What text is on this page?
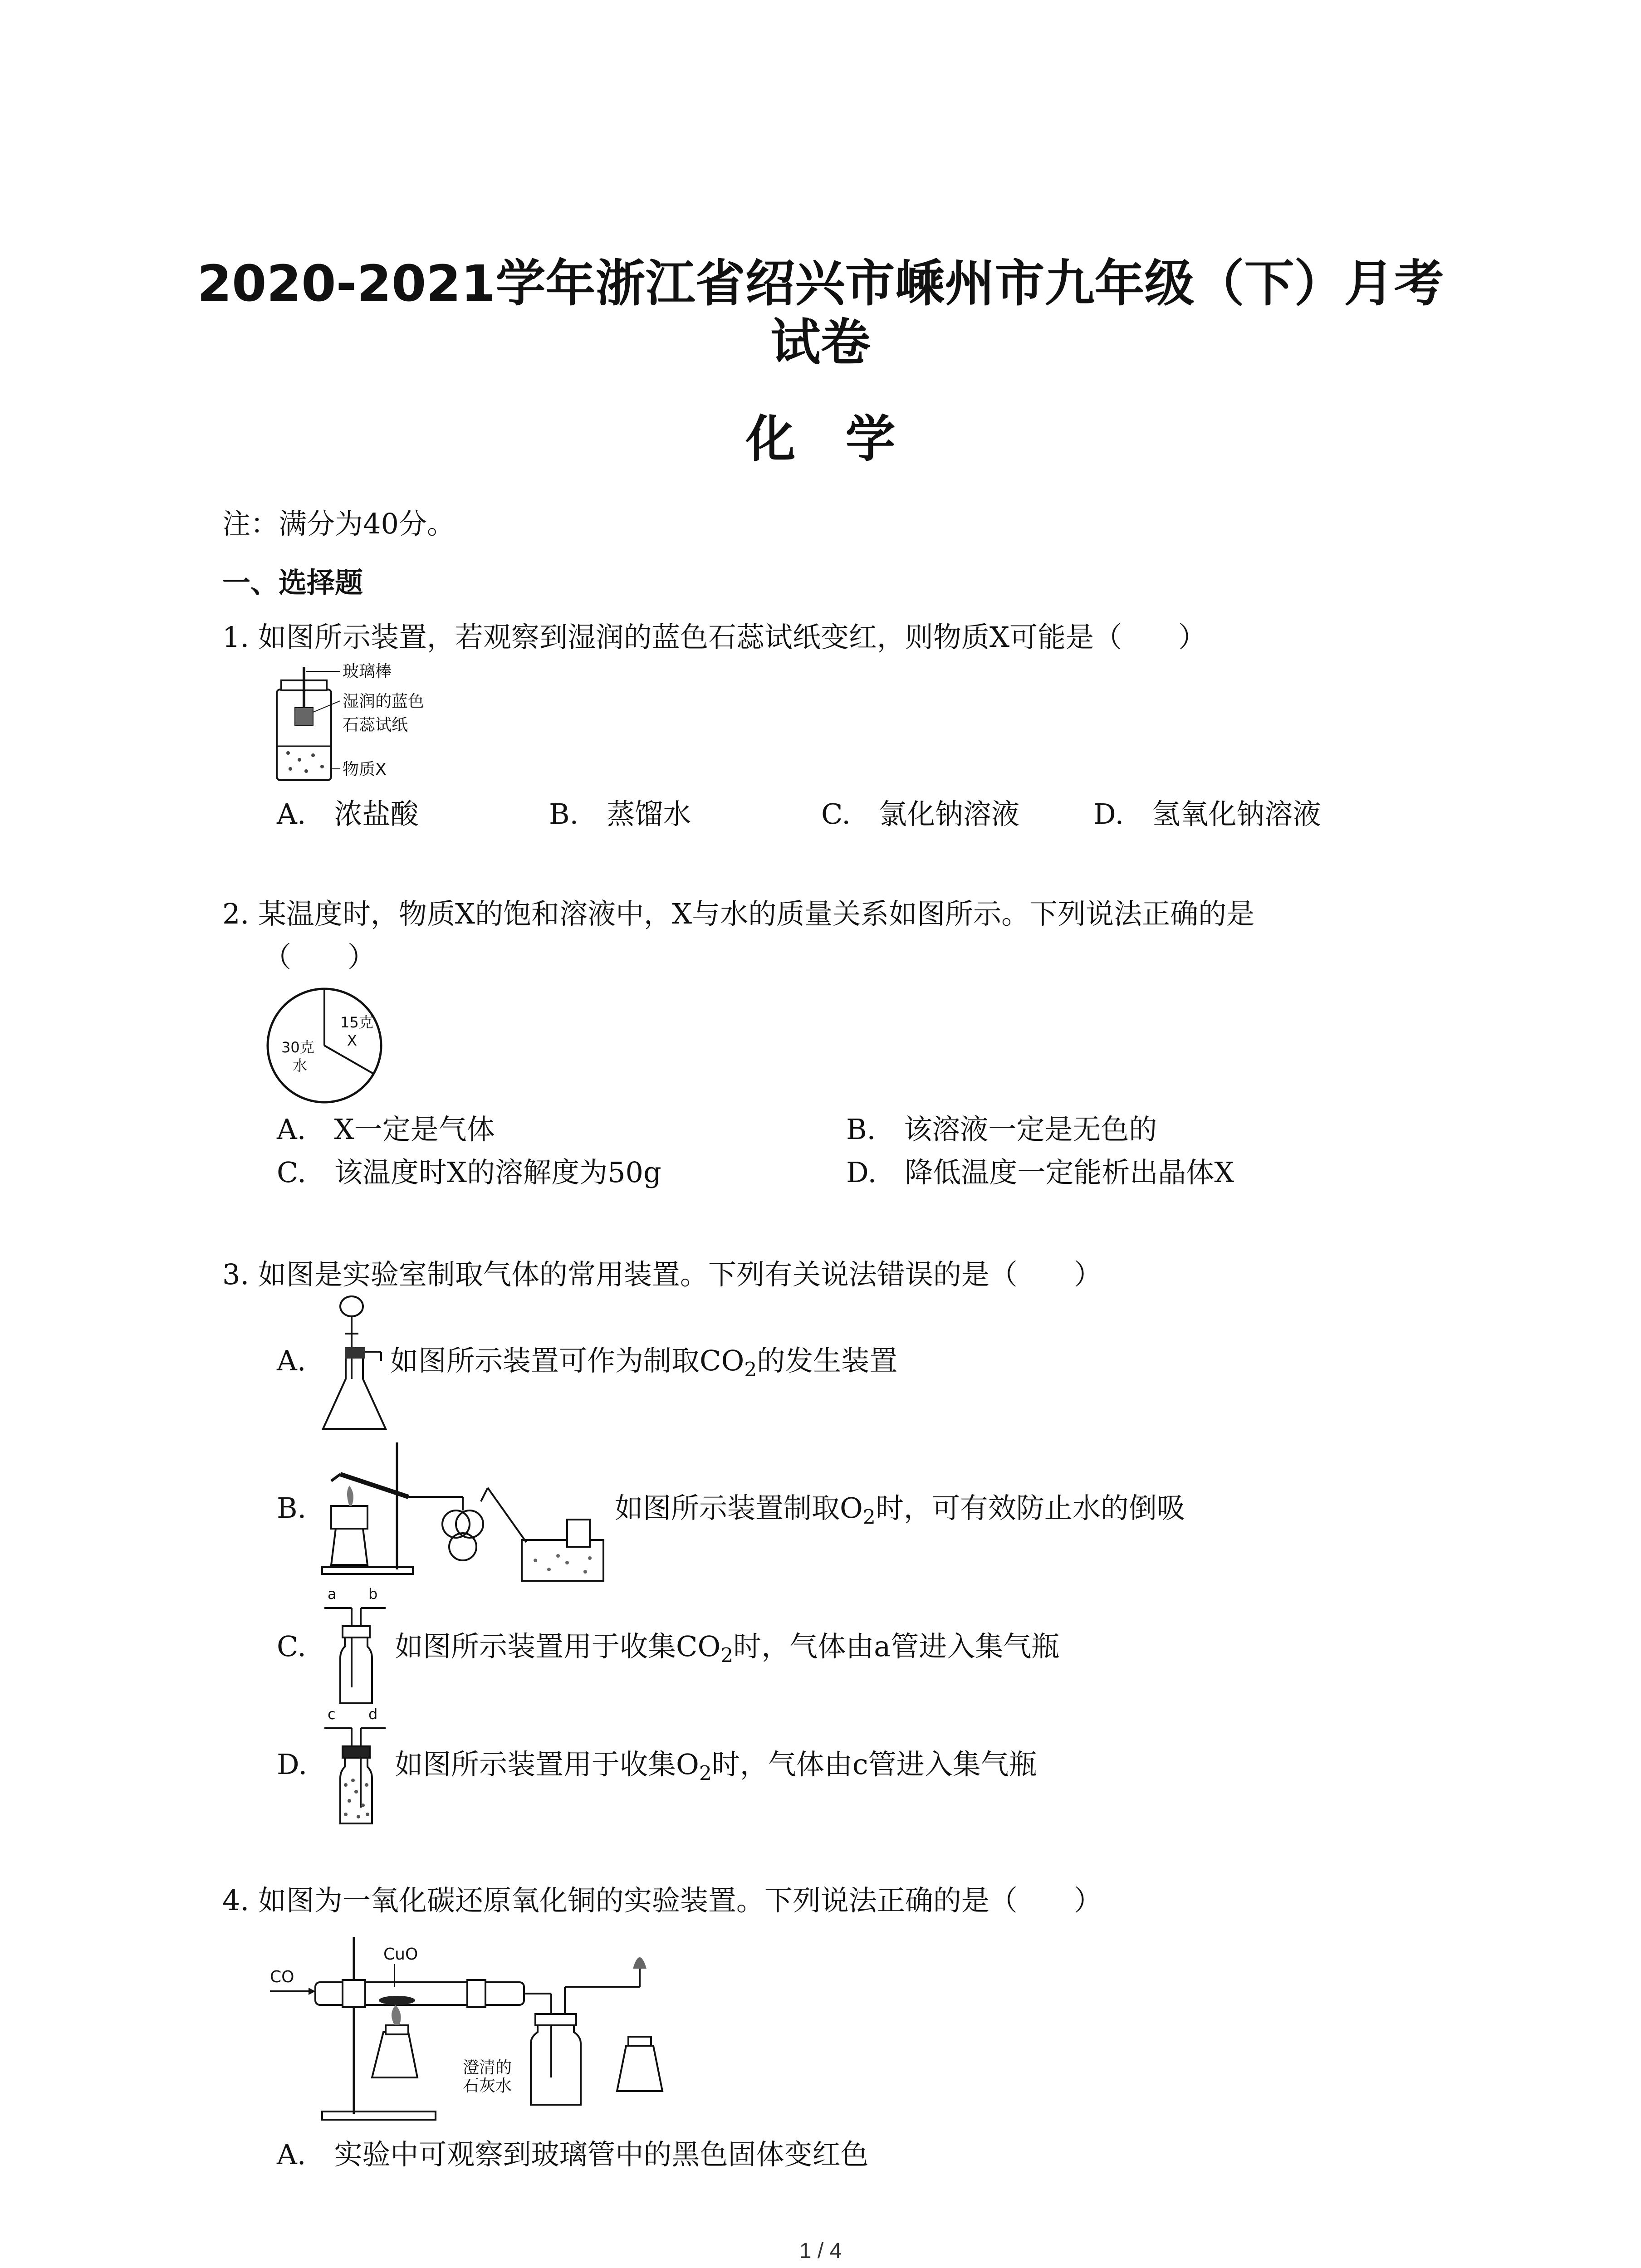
2020-2021学年浙江省绍兴市嵊州市九年级（下）月考
试卷
化学
注：满分为40分。
一、选择题
1. 如图所示装置，若观察到湿润的蓝色石蕊试纸变红，则物质X可能是（　　）
玻璃棒
湿润的蓝色
石蕊试纸
物质X
A.　浓盐酸	B.　蒸馏水	C.　氯化钠溶液	D.　氢氧化钠溶液
2. 某温度时，物质X的饱和溶液中，X与水的质量关系如图所示。下列说法正确的是
（　　）
15克
X
30克
水
A.　X一定是气体	B.　该溶液一定是无色的
C.　该温度时X的溶解度为50g	D.　降低温度一定能析出晶体X
3. 如图是实验室制取气体的常用装置。下列有关说法错误的是（　　）
A.	如图所示装置可作为制取$CO_2$的发生装置
B.	如图所示装置制取$O_2$时，可有效防止水的倒吸
C.
a b
如图所示装置用于收集$CO_2$时，气体由a管进入集气瓶
D.
c d
如图所示装置用于收集$O_2$时，气体由c管进入集气瓶
4. 如图为一氧化碳还原氧化铜的实验装置。下列说法正确的是（　　）
CO
CuO
澄清的
石灰水
A.　实验中可观察到玻璃管中的黑色固体变红色
1 / 4
